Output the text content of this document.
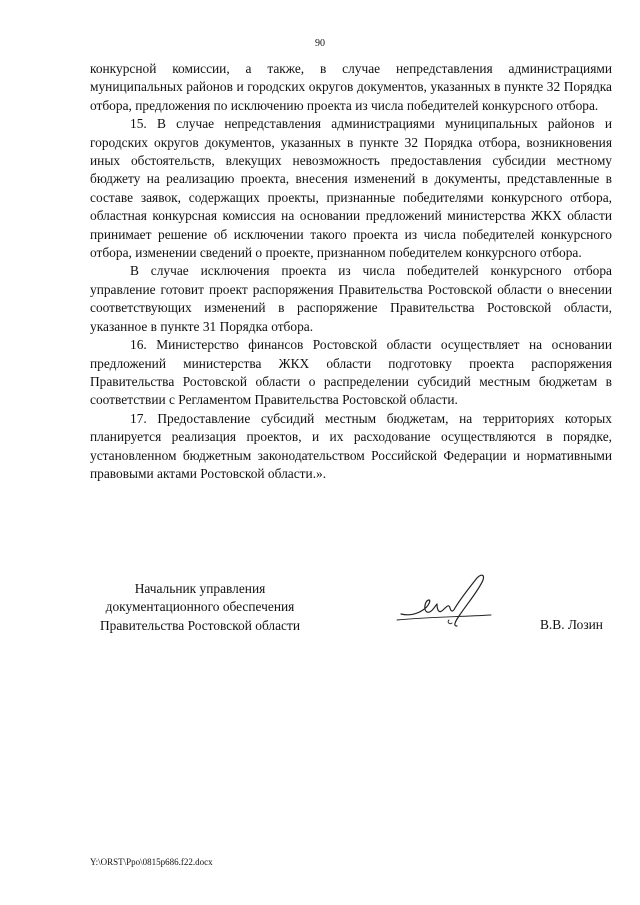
90

конкурсной комиссии, а также, в случае непредставления администрациями муниципальных районов и городских округов документов, указанных в пункте 32 Порядка отбора, предложения по исключению проекта из числа победителей конкурсного отбора.

15. В случае непредставления администрациями муниципальных районов и городских округов документов, указанных в пункте 32 Порядка отбора, возникновения иных обстоятельств, влекущих невозможность предоставления субсидии местному бюджету на реализацию проекта, внесения изменений в документы, представленные в составе заявок, содержащих проекты, признанные победителями конкурсного отбора, областная конкурсная комиссия на основании предложений министерства ЖКХ области принимает решение об исключении такого проекта из числа победителей конкурсного отбора, изменении сведений о проекте, признанном победителем конкурсного отбора.

В случае исключения проекта из числа победителей конкурсного отбора управление готовит проект распоряжения Правительства Ростовской области о внесении соответствующих изменений в распоряжение Правительства Ростовской области, указанное в пункте 31 Порядка отбора.

16. Министерство финансов Ростовской области осуществляет на основании предложений министерства ЖКХ области подготовку проекта распоряжения Правительства Ростовской области о распределении субсидий местным бюджетам в соответствии с Регламентом Правительства Ростовской области.

17. Предоставление субсидий местным бюджетам, на территориях которых планируется реализация проектов, и их расходование осуществляются в порядке, установленном бюджетным законодательством Российской Федерации и нормативными правовыми актами Ростовской области.».

Начальник управления
документационного обеспечения
Правительства Ростовской области	В.В. Лозин
Y:\ORST\Ppo\0815p686.f22.docx
